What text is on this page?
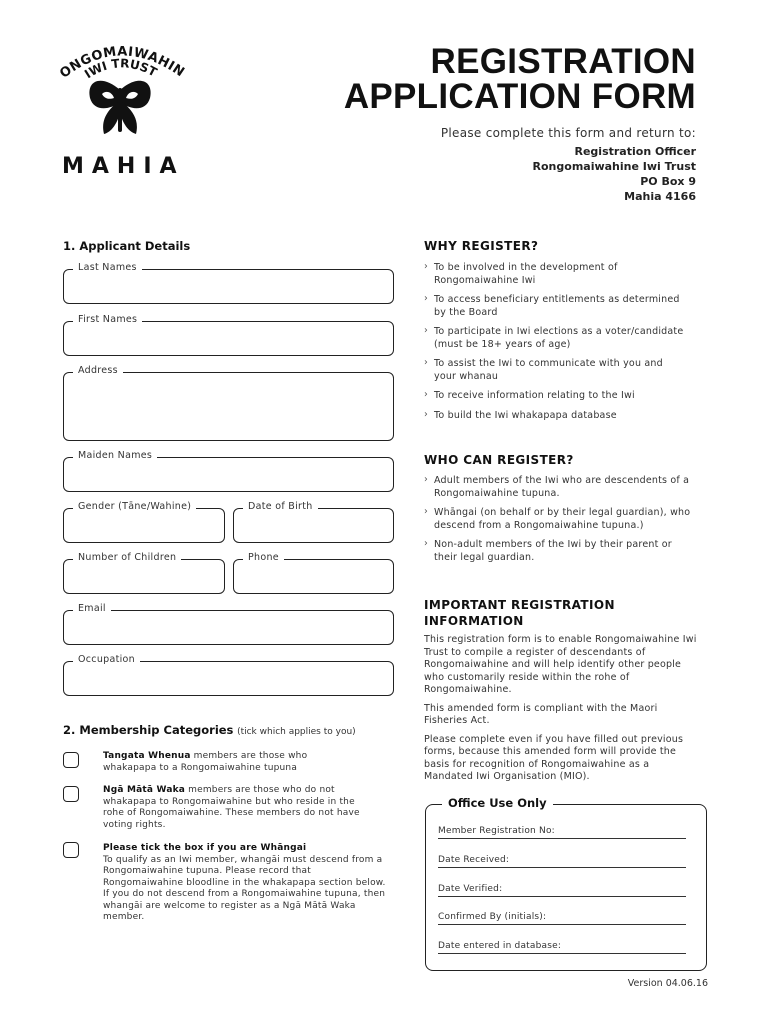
ONGOMAIWAHIN
IWI TRUST
MAHIA
REGISTRATION
APPLICATION FORM
Please complete this form and return to:
Registration Officer
Rongomaiwahine Iwi Trust
PO Box 9
Mahia 4166
1. Applicant Details
Last Names
First Names
Address
Maiden Names
Gender (Tāne/Wahine)	Date of Birth
Number of Children	Phone
Email
Occupation
2. Membership Categories (tick which applies to you)
Tangata Whenua members are those who whakapapa to a Rongomaiwahine tupuna
Ngā Mātā Waka members are those who do not whakapapa to Rongomaiwahine but who reside in the rohe of Rongomaiwahine. These members do not have voting rights.
Please tick the box if you are Whāngai
To qualify as an Iwi member, whangāi must descend from a Rongomaiwahine tupuna. Please record that Rongomaiwahine bloodline in the whakapapa section below. If you do not descend from a Rongomaiwahine tupuna, then whangāi are welcome to register as a Ngā Mātā Waka member.
WHY REGISTER?
› To be involved in the development of Rongomaiwahine Iwi
› To access beneficiary entitlements as determined by the Board
› To participate in Iwi elections as a voter/candidate (must be 18+ years of age)
› To assist the Iwi to communicate with you and your whanau
› To receive information relating to the Iwi
› To build the Iwi whakapapa database
WHO CAN REGISTER?
› Adult members of the Iwi who are descendents of a Rongomaiwahine tupuna.
› Whāngai (on behalf or by their legal guardian), who descend from a Rongomaiwahine tupuna.)
› Non-adult members of the Iwi by their parent or their legal guardian.
IMPORTANT REGISTRATION
INFORMATION

This registration form is to enable Rongomaiwahine Iwi Trust to compile a register of descendants of Rongomaiwahine and will help identify other people who customarily reside within the rohe of Rongomaiwahine.

This amended form is compliant with the Maori Fisheries Act.

Please complete even if you have filled out previous forms, because this amended form will provide the basis for recognition of Rongomaiwahine as a Mandated Iwi Organisation (MIO).

Office Use Only
Member Registration No:
Date Received:
Date Verified:
Confirmed By (initials):
Date entered in database:
Version 04.06.16
